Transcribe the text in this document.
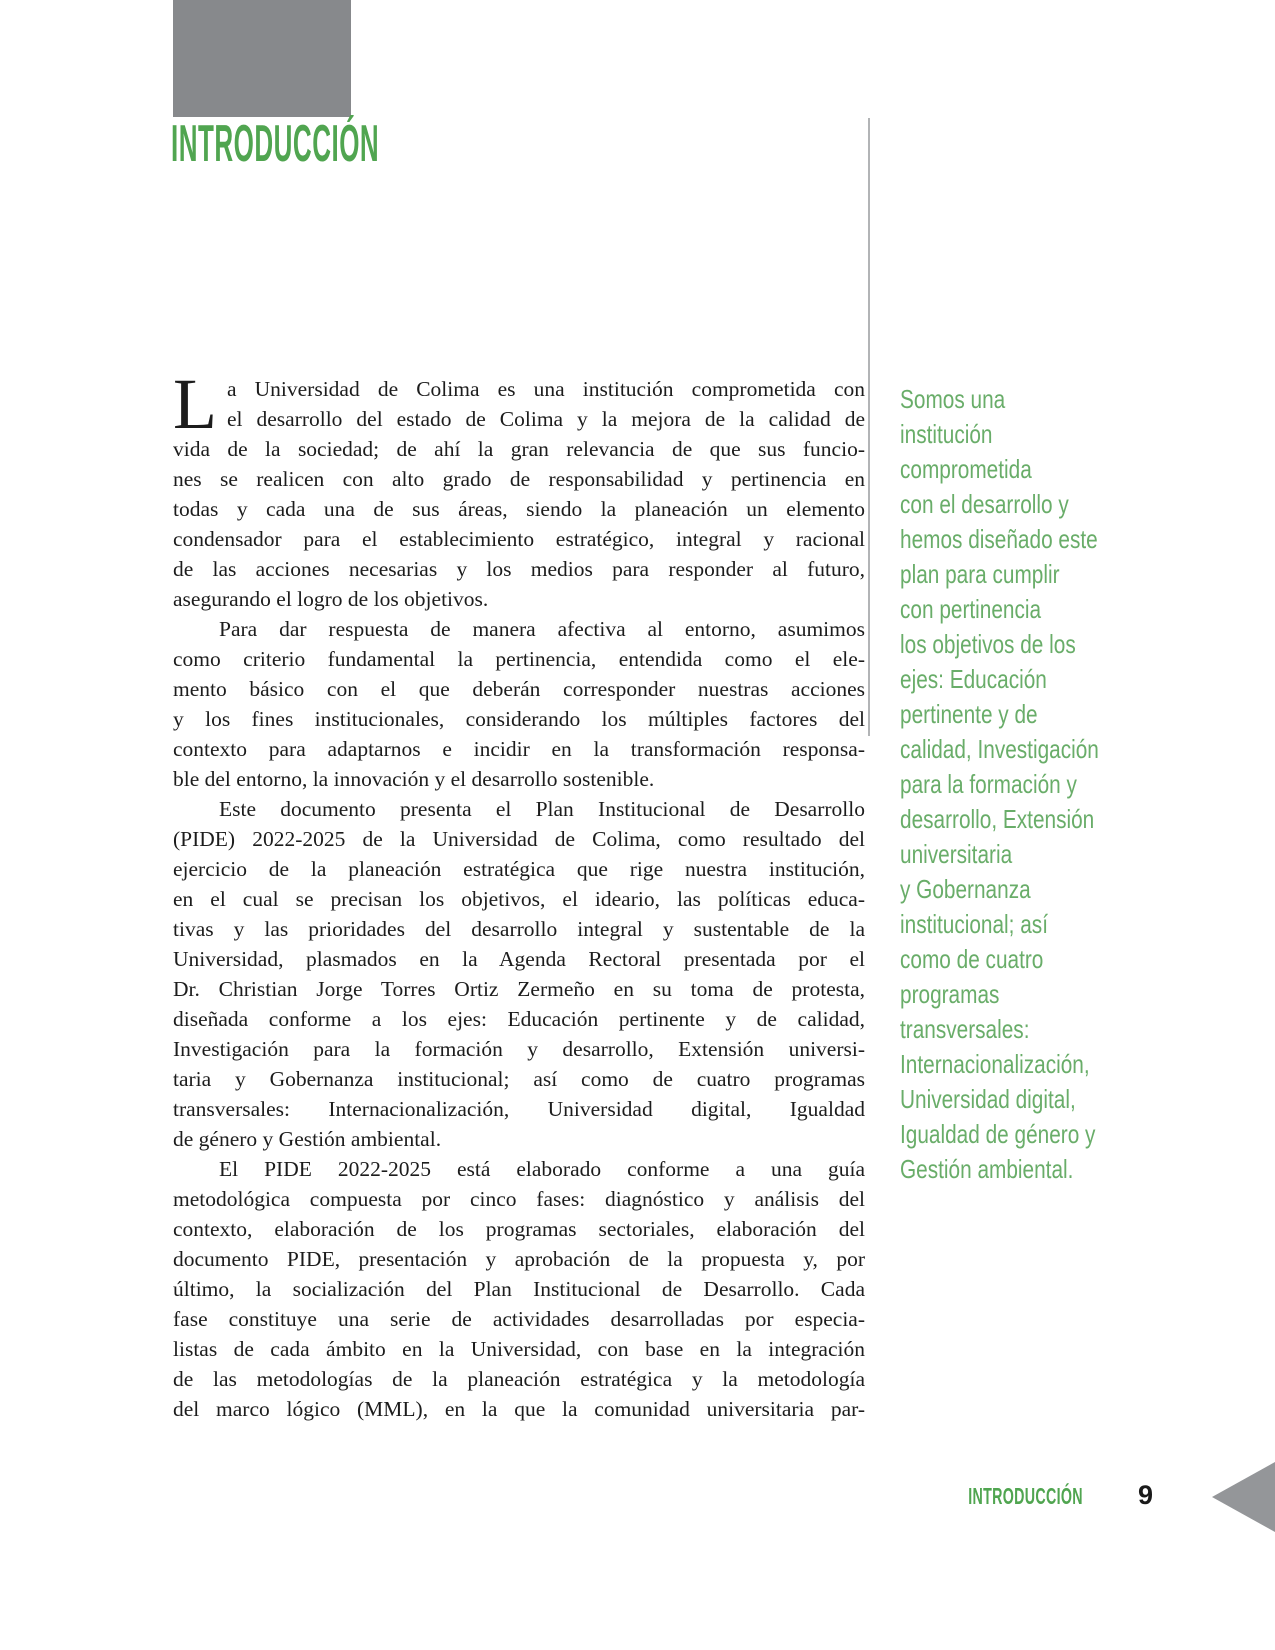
INTRODUCCIÓN
L a Universidad de Colima es una institución comprometida con
el desarrollo del estado de Colima y la mejora de la calidad de
vida de la sociedad; de ahí la gran relevancia de que sus funcio-
nes se realicen con alto grado de responsabilidad y pertinencia en
todas y cada una de sus áreas, siendo la planeación un elemento
condensador para el establecimiento estratégico, integral y racional
de las acciones necesarias y los medios para responder al futuro,
asegurando el logro de los objetivos.
Para dar respuesta de manera afectiva al entorno, asumimos
como criterio fundamental la pertinencia, entendida como el ele-
mento básico con el que deberán corresponder nuestras acciones
y los fines institucionales, considerando los múltiples factores del
contexto para adaptarnos e incidir en la transformación responsa-
ble del entorno, la innovación y el desarrollo sostenible.
Este documento presenta el Plan Institucional de Desarrollo
(PIDE) 2022-2025 de la Universidad de Colima, como resultado del
ejercicio de la planeación estratégica que rige nuestra institución,
en el cual se precisan los objetivos, el ideario, las políticas educa-
tivas y las prioridades del desarrollo integral y sustentable de la
Universidad, plasmados en la Agenda Rectoral presentada por el
Dr. Christian Jorge Torres Ortiz Zermeño en su toma de protesta,
diseñada conforme a los ejes: Educación pertinente y de calidad,
Investigación para la formación y desarrollo, Extensión universi-
taria y Gobernanza institucional; así como de cuatro programas
transversales: Internacionalización, Universidad digital, Igualdad
de género y Gestión ambiental.
El PIDE 2022-2025 está elaborado conforme a una guía
metodológica compuesta por cinco fases: diagnóstico y análisis del
contexto, elaboración de los programas sectoriales, elaboración del
documento PIDE, presentación y aprobación de la propuesta y, por
último, la socialización del Plan Institucional de Desarrollo. Cada
fase constituye una serie de actividades desarrolladas por especia-
listas de cada ámbito en la Universidad, con base en la integración
de las metodologías de la planeación estratégica y la metodología
del marco lógico (MML), en la que la comunidad universitaria par-
Somos una
institución
comprometida
con el desarrollo y
hemos diseñado este
plan para cumplir
con pertinencia
los objetivos de los
ejes: Educación
pertinente y de
calidad, Investigación
para la formación y
desarrollo, Extensión
universitaria
y Gobernanza
institucional; así
como de cuatro
programas
transversales:
Internacionalización,
Universidad digital,
Igualdad de género y
Gestión ambiental.
INTRODUCCIÓN 9
